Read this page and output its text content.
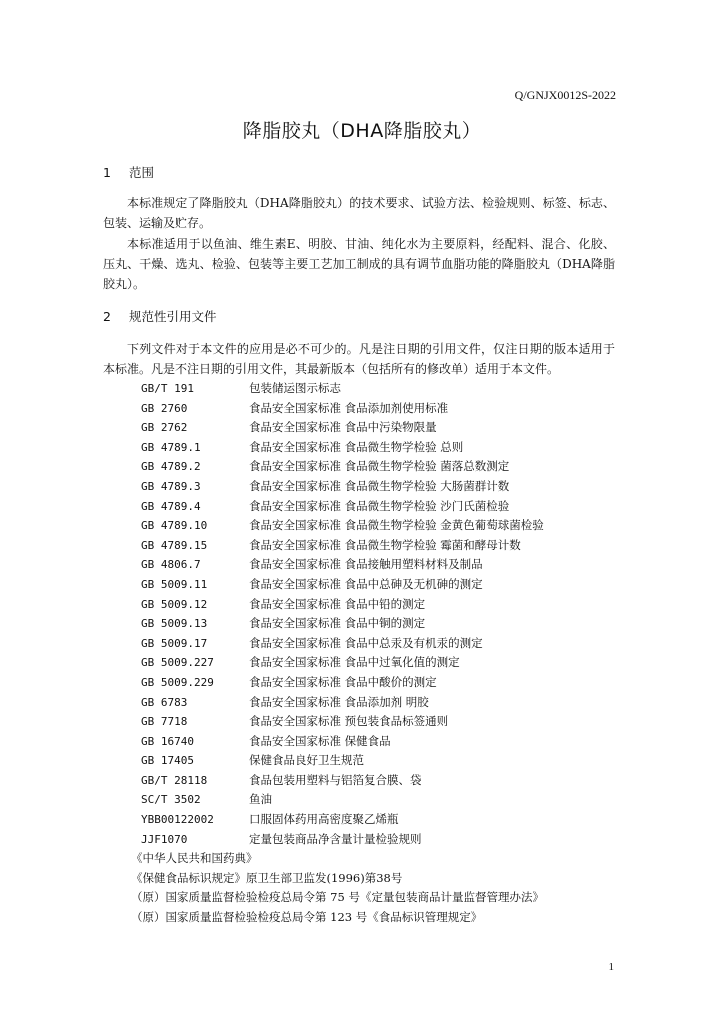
Q/GNJX0012S-2022
降脂胶丸（DHA降脂胶丸）
1 范围
本标准规定了降脂胶丸（DHA降脂胶丸）的技术要求、试验方法、检验规则、标签、标志、包装、运输及贮存。
本标准适用于以鱼油、维生素E、明胶、甘油、纯化水为主要原料，经配料、混合、化胶、压丸、干燥、选丸、检验、包装等主要工艺加工制成的具有调节血脂功能的降脂胶丸（DHA降脂胶丸）。
2 规范性引用文件
下列文件对于本文件的应用是必不可少的。凡是注日期的引用文件，仅注日期的版本适用于本标准。凡是不注日期的引用文件，其最新版本（包括所有的修改单）适用于本文件。
GB/T 191	包装储运图示标志
GB 2760	食品安全国家标准 食品添加剂使用标准
GB 2762	食品安全国家标准 食品中污染物限量
GB 4789.1	食品安全国家标准 食品微生物学检验 总则
GB 4789.2	食品安全国家标准 食品微生物学检验 菌落总数测定
GB 4789.3	食品安全国家标准 食品微生物学检验 大肠菌群计数
GB 4789.4	食品安全国家标准 食品微生物学检验 沙门氏菌检验
GB 4789.10	食品安全国家标准 食品微生物学检验 金黄色葡萄球菌检验
GB 4789.15	食品安全国家标准 食品微生物学检验 霉菌和酵母计数
GB 4806.7	食品安全国家标准 食品接触用塑料材料及制品
GB 5009.11	食品安全国家标准 食品中总砷及无机砷的测定
GB 5009.12	食品安全国家标准 食品中铅的测定
GB 5009.13	食品安全国家标准 食品中铜的测定
GB 5009.17	食品安全国家标准 食品中总汞及有机汞的测定
GB 5009.227	食品安全国家标准 食品中过氧化值的测定
GB 5009.229	食品安全国家标准 食品中酸价的测定
GB 6783	食品安全国家标准 食品添加剂 明胶
GB 7718	食品安全国家标准 预包装食品标签通则
GB 16740	食品安全国家标准 保健食品
GB 17405	保健食品良好卫生规范
GB/T 28118	食品包装用塑料与铝箔复合膜、袋
SC/T 3502	鱼油
YBB00122002	口服固体药用高密度聚乙烯瓶
JJF1070	定量包装商品净含量计量检验规则
《中华人民共和国药典》
《保健食品标识规定》原卫生部卫监发(1996)第38号
（原）国家质量监督检验检疫总局令第 75 号《定量包装商品计量监督管理办法》
（原）国家质量监督检验检疫总局令第 123 号《食品标识管理规定》
1
